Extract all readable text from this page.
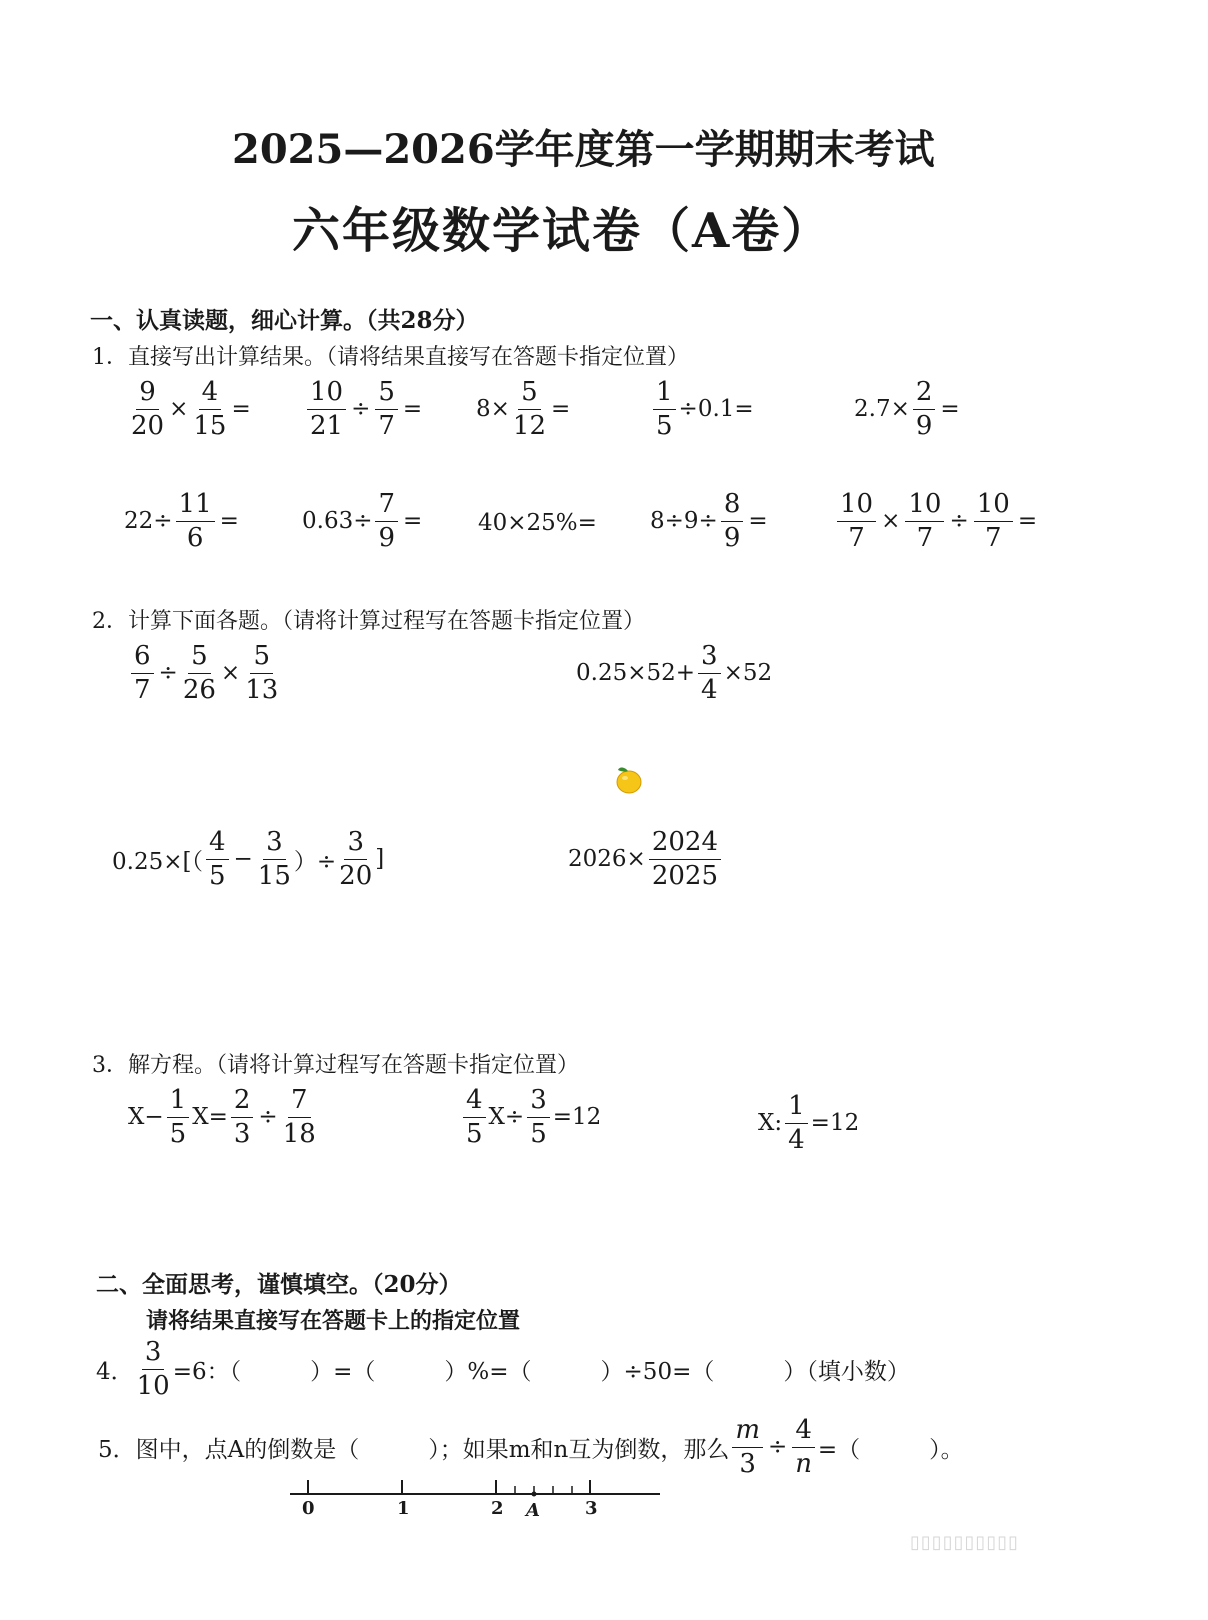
2025—2026学年度第一学期期末考试
六年级数学试卷（A卷）
一、认真读题，细心计算。（共28分）
1．直接写出计算结果。（请将结果直接写在答题卡指定位置）
$\frac{9}{20} \times \frac{4}{15} = \frac{10}{21} \div \frac{5}{7} = 8\times \frac{5}{12}$ =	$\frac{1}{5} \div 0.1=$	$2.7\times \frac{2}{9}$ =
$22\div \frac{11}{6}$ =	$0.63\div \frac{7}{9} = 40\times 25\%= 8\div 9\div \frac{8}{9}$ =	$\frac{10}{7} \times \frac{10}{7} \div \frac{10}{7}$ =
2．计算下面各题。（请将计算过程写在答题卡指定位置）
$\frac{6}{7} \div \frac{5}{26} \times \frac{5}{13}$	$0.25\times 52+ \frac{3}{4} \times 52$
$0.25\times[( \frac{4}{5} - \frac{3}{15}$ ）÷ $\frac{3}{20}$ ]	$2026\times \frac{2024}{2025}$
3．解方程。（请将计算过程写在答题卡指定位置）
$X- \frac{1}{5} X= \frac{2}{3} \div \frac{7}{18}$	$\frac{4}{5} X\div \frac{3}{5} =12$	X: $\frac{1}{4} =12$
二、全面思考，谨慎填空。（20分）
请将结果直接写在答题卡上的指定位置
4． $\frac{3}{10} =6$：（　　　）=（　　　）%=（　　　）÷50=（　　　）（填小数）
5．图中，点A的倒数是（　　　）；如果m和n互为倒数，那么 $\frac{m}{3} \div \frac{4}{n}$ =（　　　）。
0	1	2 A	3
▯▯▯▯▯▯▯▯▯▯
